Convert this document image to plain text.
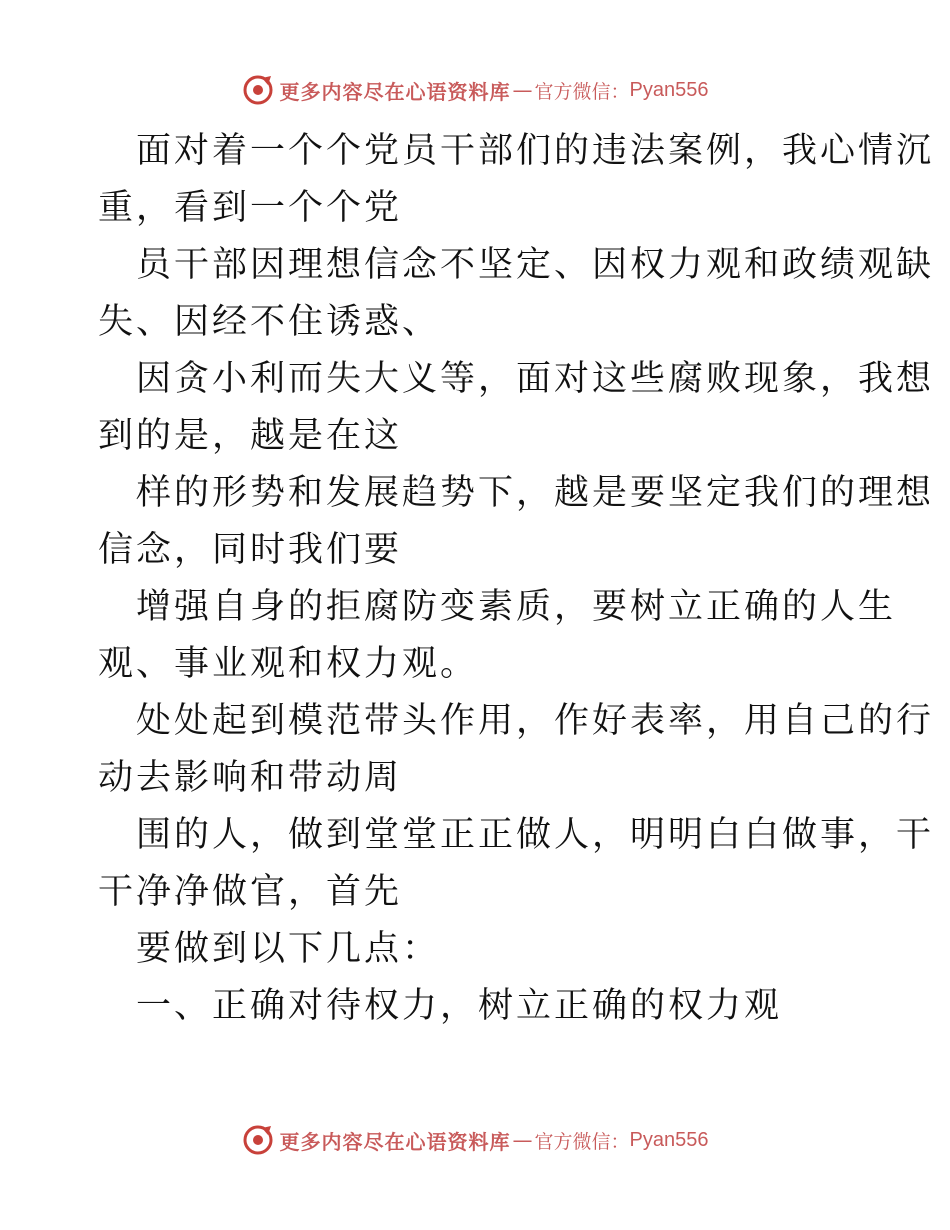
更多内容尽在心语资料库 — 官方微信： Pyan556

面对着一个个党员干部们的违法案例，我心情沉
重，看到一个个党

员干部因理想信念不坚定、因权力观和政绩观缺
失、因经不住诱惑、

因贪小利而失大义等，面对这些腐败现象，我想
到的是，越是在这

样的形势和发展趋势下，越是要坚定我们的理想
信念，同时我们要

增强自身的拒腐防变素质，要树立正确的人生
观、事业观和权力观。

处处起到模范带头作用，作好表率，用自己的行
动去影响和带动周

围的人，做到堂堂正正做人，明明白白做事，干
干净净做官，首先

要做到以下几点：

一、正确对待权力，树立正确的权力观

更多内容尽在心语资料库 — 官方微信： Pyan556
